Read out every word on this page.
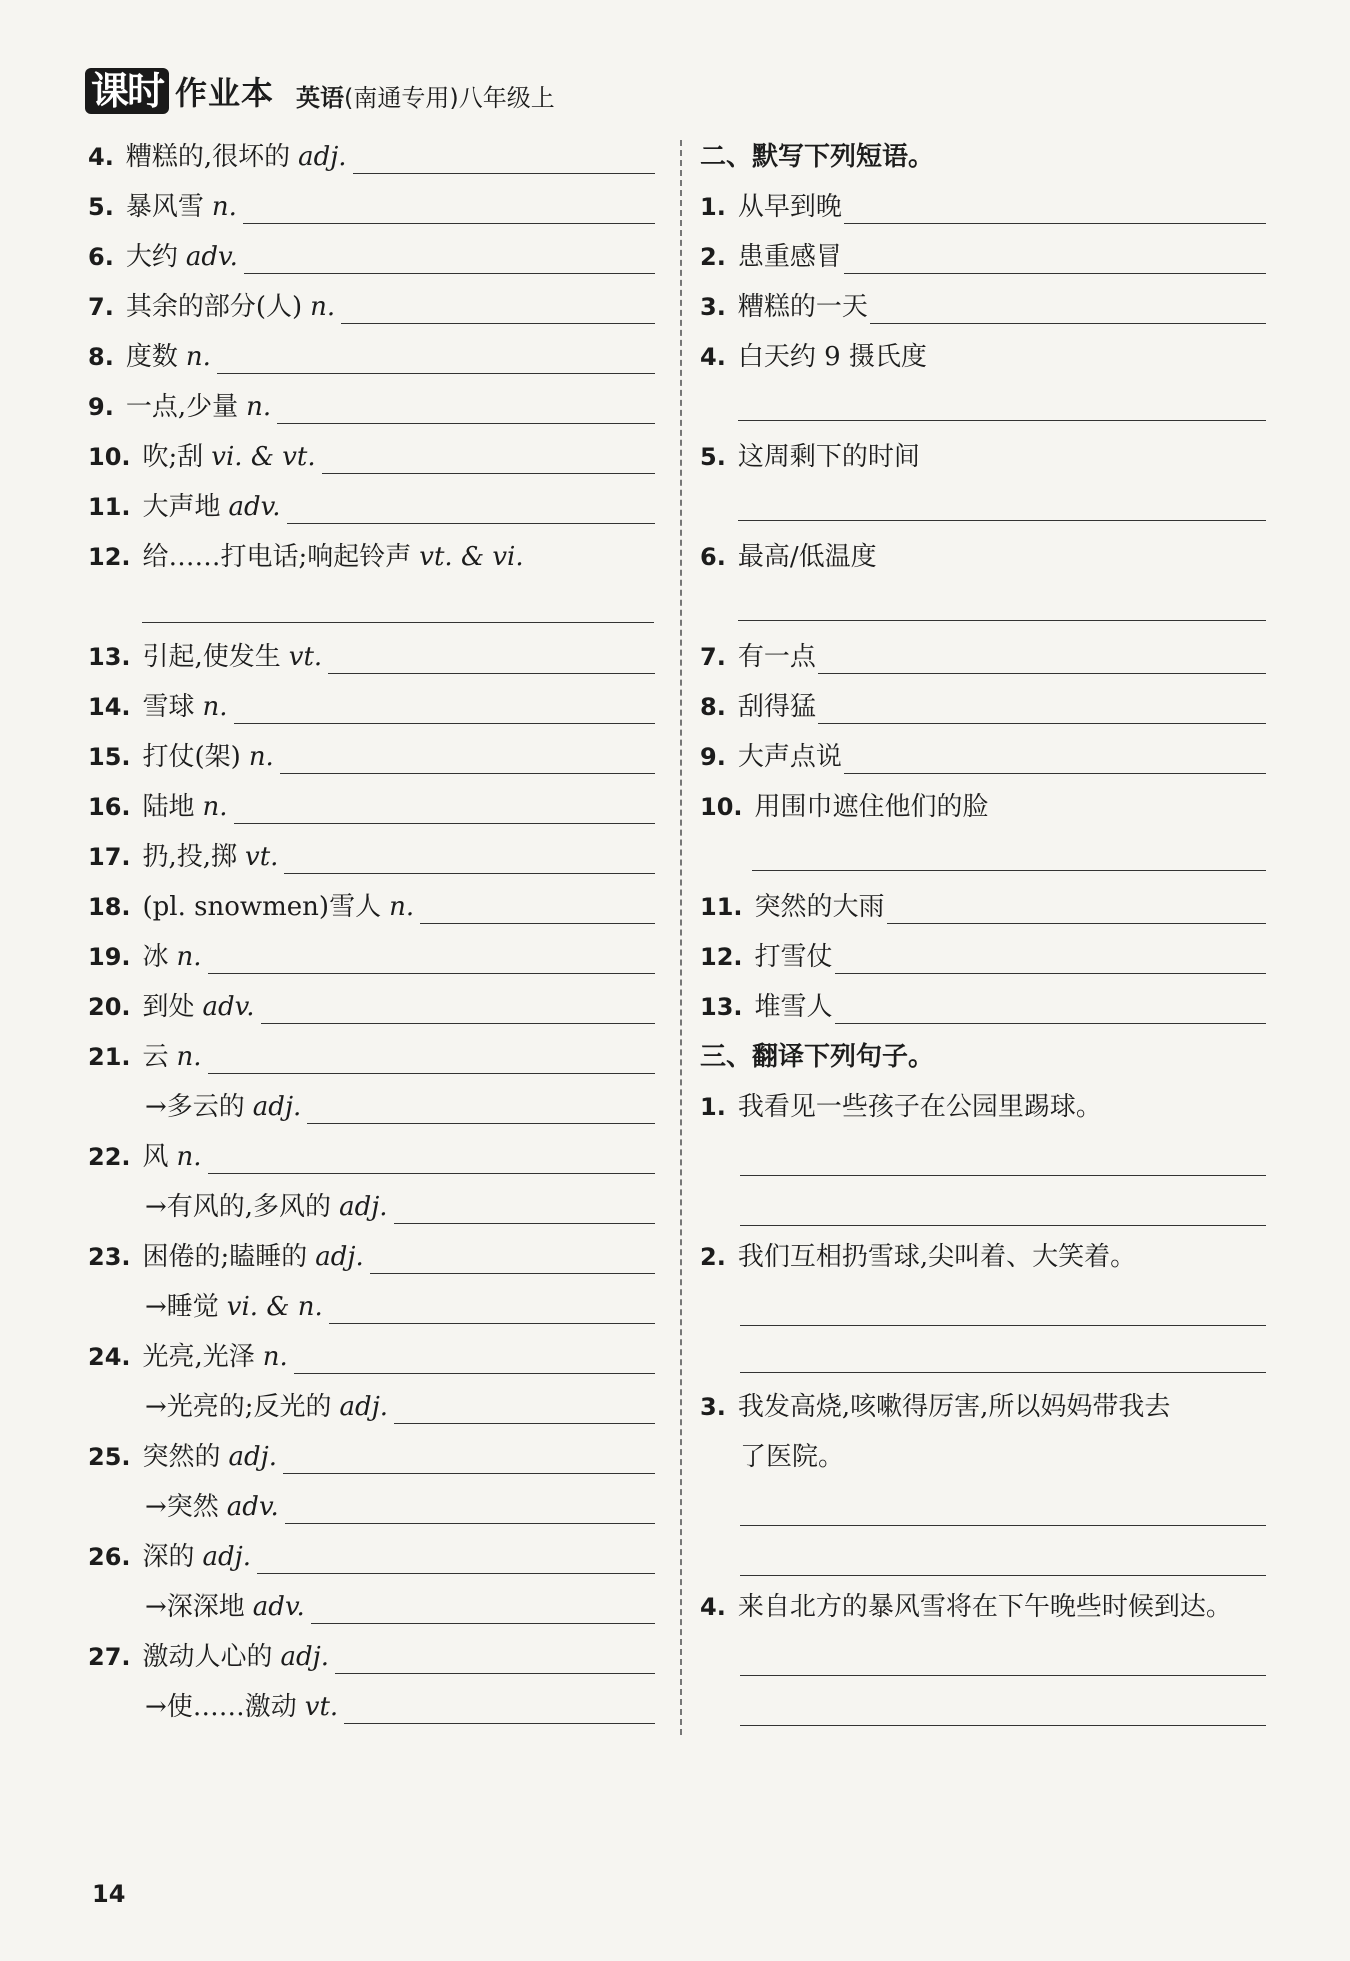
课时 作业本 英语(南通专用)八年级上
4. 糟糕的,很坏的 adj.
5. 暴风雪 n.
6. 大约 adv.
7. 其余的部分(人) n.
8. 度数 n.
9. 一点,少量 n.
10. 吹;刮 vi. & vt.
11. 大声地 adv.
12. 给……打电话;响起铃声 vt. & vi.
13. 引起,使发生 vt.
14. 雪球 n.
15. 打仗(架) n.
16. 陆地 n.
17. 扔,投,掷 vt.
18. (pl. snowmen)雪人 n.
19. 冰 n.
20. 到处 adv.
21. 云 n.
→多云的 adj.
22. 风 n.
→有风的,多风的 adj.
23. 困倦的;瞌睡的 adj.
→睡觉 vi. & n.
24. 光亮,光泽 n.
→光亮的;反光的 adj.
25. 突然的 adj.
→突然 adv.
26. 深的 adj.
→深深地 adv.
27. 激动人心的 adj.
→使……激动 vt.
二、默写下列短语。
1. 从早到晚
2. 患重感冒
3. 糟糕的一天
4. 白天约 9 摄氏度
5. 这周剩下的时间
6. 最高/低温度
7. 有一点
8. 刮得猛
9. 大声点说
10. 用围巾遮住他们的脸
11. 突然的大雨
12. 打雪仗
13. 堆雪人
三、翻译下列句子。
1. 我看见一些孩子在公园里踢球。
2. 我们互相扔雪球,尖叫着、大笑着。
3. 我发高烧,咳嗽得厉害,所以妈妈带我去
了医院。
4. 来自北方的暴风雪将在下午晚些时候到达。
14
